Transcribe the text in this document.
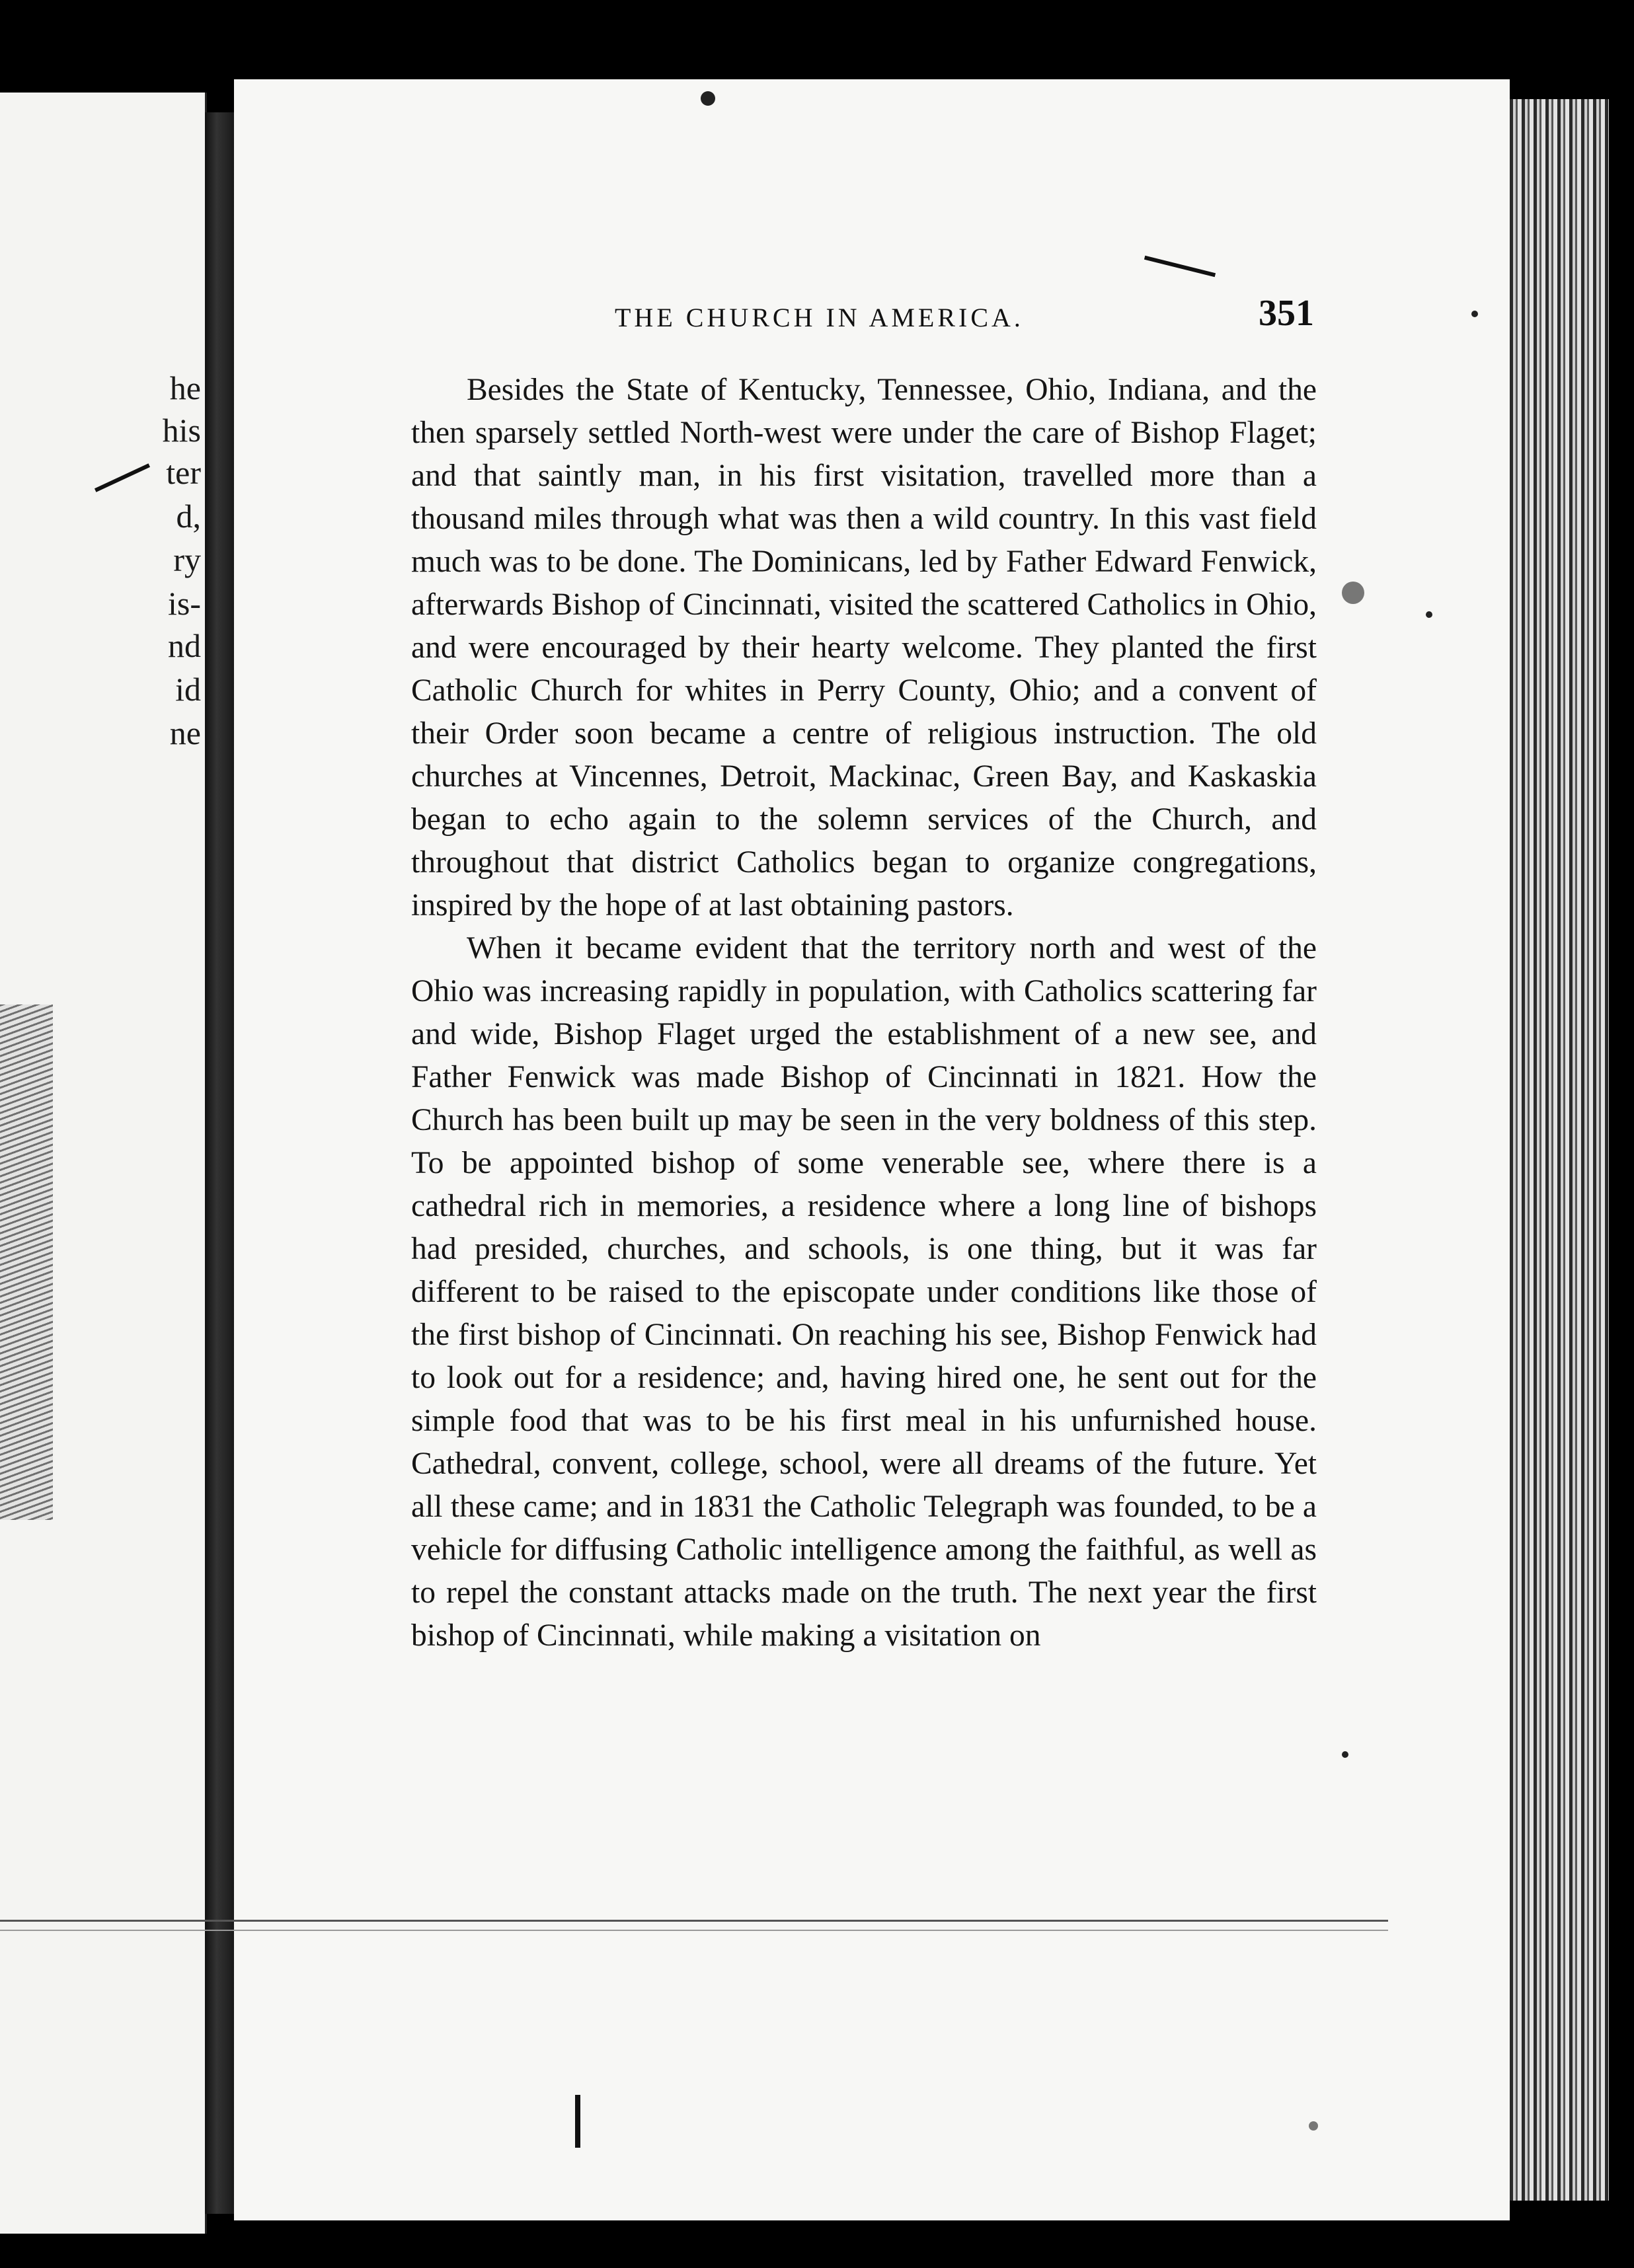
he
his
ter
d,
ry
is-
nd
id
ne
THE CHURCH IN AMERICA.	351

Besides the State of Kentucky, Tennessee, Ohio, Indiana, and the then sparsely settled North-west were under the care of Bishop Flaget; and that saintly man, in his first visitation, travelled more than a thousand miles through what was then a wild country. In this vast field much was to be done. The Dominicans, led by Father Edward Fenwick, afterwards Bishop of Cincinnati, visited the scattered Catholics in Ohio, and were encouraged by their hearty welcome. They planted the first Catholic Church for whites in Perry County, Ohio; and a convent of their Order soon became a centre of religious instruction. The old churches at Vincennes, Detroit, Mackinac, Green Bay, and Kaskaskia began to echo again to the solemn services of the Church, and throughout that district Catholics began to organize congregations, inspired by the hope of at last obtaining pastors.

When it became evident that the territory north and west of the Ohio was increasing rapidly in population, with Catholics scattering far and wide, Bishop Flaget urged the establishment of a new see, and Father Fenwick was made Bishop of Cincinnati in 1821. How the Church has been built up may be seen in the very boldness of this step. To be appointed bishop of some venerable see, where there is a cathedral rich in memories, a residence where a long line of bishops had presided, churches, and schools, is one thing, but it was far different to be raised to the episcopate under conditions like those of the first bishop of Cincinnati. On reaching his see, Bishop Fenwick had to look out for a residence; and, having hired one, he sent out for the simple food that was to be his first meal in his unfurnished house. Cathedral, convent, college, school, were all dreams of the future. Yet all these came; and in 1831 the Catholic Telegraph was founded, to be a vehicle for diffusing Catholic intelligence among the faithful, as well as to repel the constant attacks made on the truth. The next year the first bishop of Cincinnati, while making a visitation on
